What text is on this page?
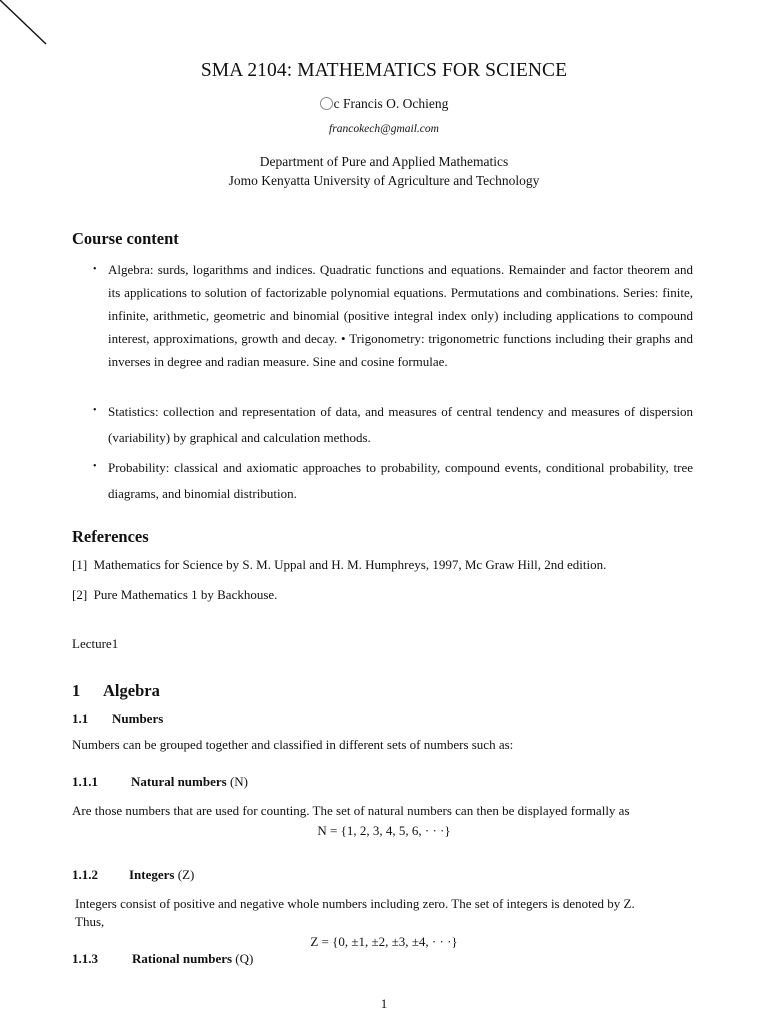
SMA 2104: MATHEMATICS FOR SCIENCE
c Francis O. Ochieng
francokech@gmail.com
Department of Pure and Applied Mathematics
Jomo Kenyatta University of Agriculture and Technology
Course content
• Algebra: surds, logarithms and indices. Quadratic functions and equations. Remainder and factor theorem and its applications to solution of factorizable polynomial equations. Permutations and combinations. Series: finite, infinite, arithmetic, geometric and binomial (positive integral index only) including applications to compound interest, approximations, growth and decay. • Trigonometry: trigonometric functions including their graphs and inverses in degree and radian measure. Sine and cosine formulae.
• Statistics: collection and representation of data, and measures of central tendency and measures of dispersion (variability) by graphical and calculation methods.
• Probability: classical and axiomatic approaches to probability, compound events, conditional probability, tree diagrams, and binomial distribution.
References
[1]  Mathematics for Science by S. M. Uppal and H. M. Humphreys, 1997, Mc Graw Hill, 2nd edition.
[2]  Pure Mathematics 1 by Backhouse.
Lecture1
1 Algebra
1.1 Numbers
Numbers can be grouped together and classified in different sets of numbers such as:
1.1.1	Natural numbers (N)
Are those numbers that are used for counting. The set of natural numbers can then be displayed formally as
N = {1, 2, 3, 4, 5, 6, · · ·}
1.1.2 Integers (Z)
Integers consist of positive and negative whole numbers including zero. The set of integers is denoted by Z.
Thus,
Z = {0, ±1, ±2, ±3, ±4, · · ·}
1.1.3	Rational numbers (Q)
1
